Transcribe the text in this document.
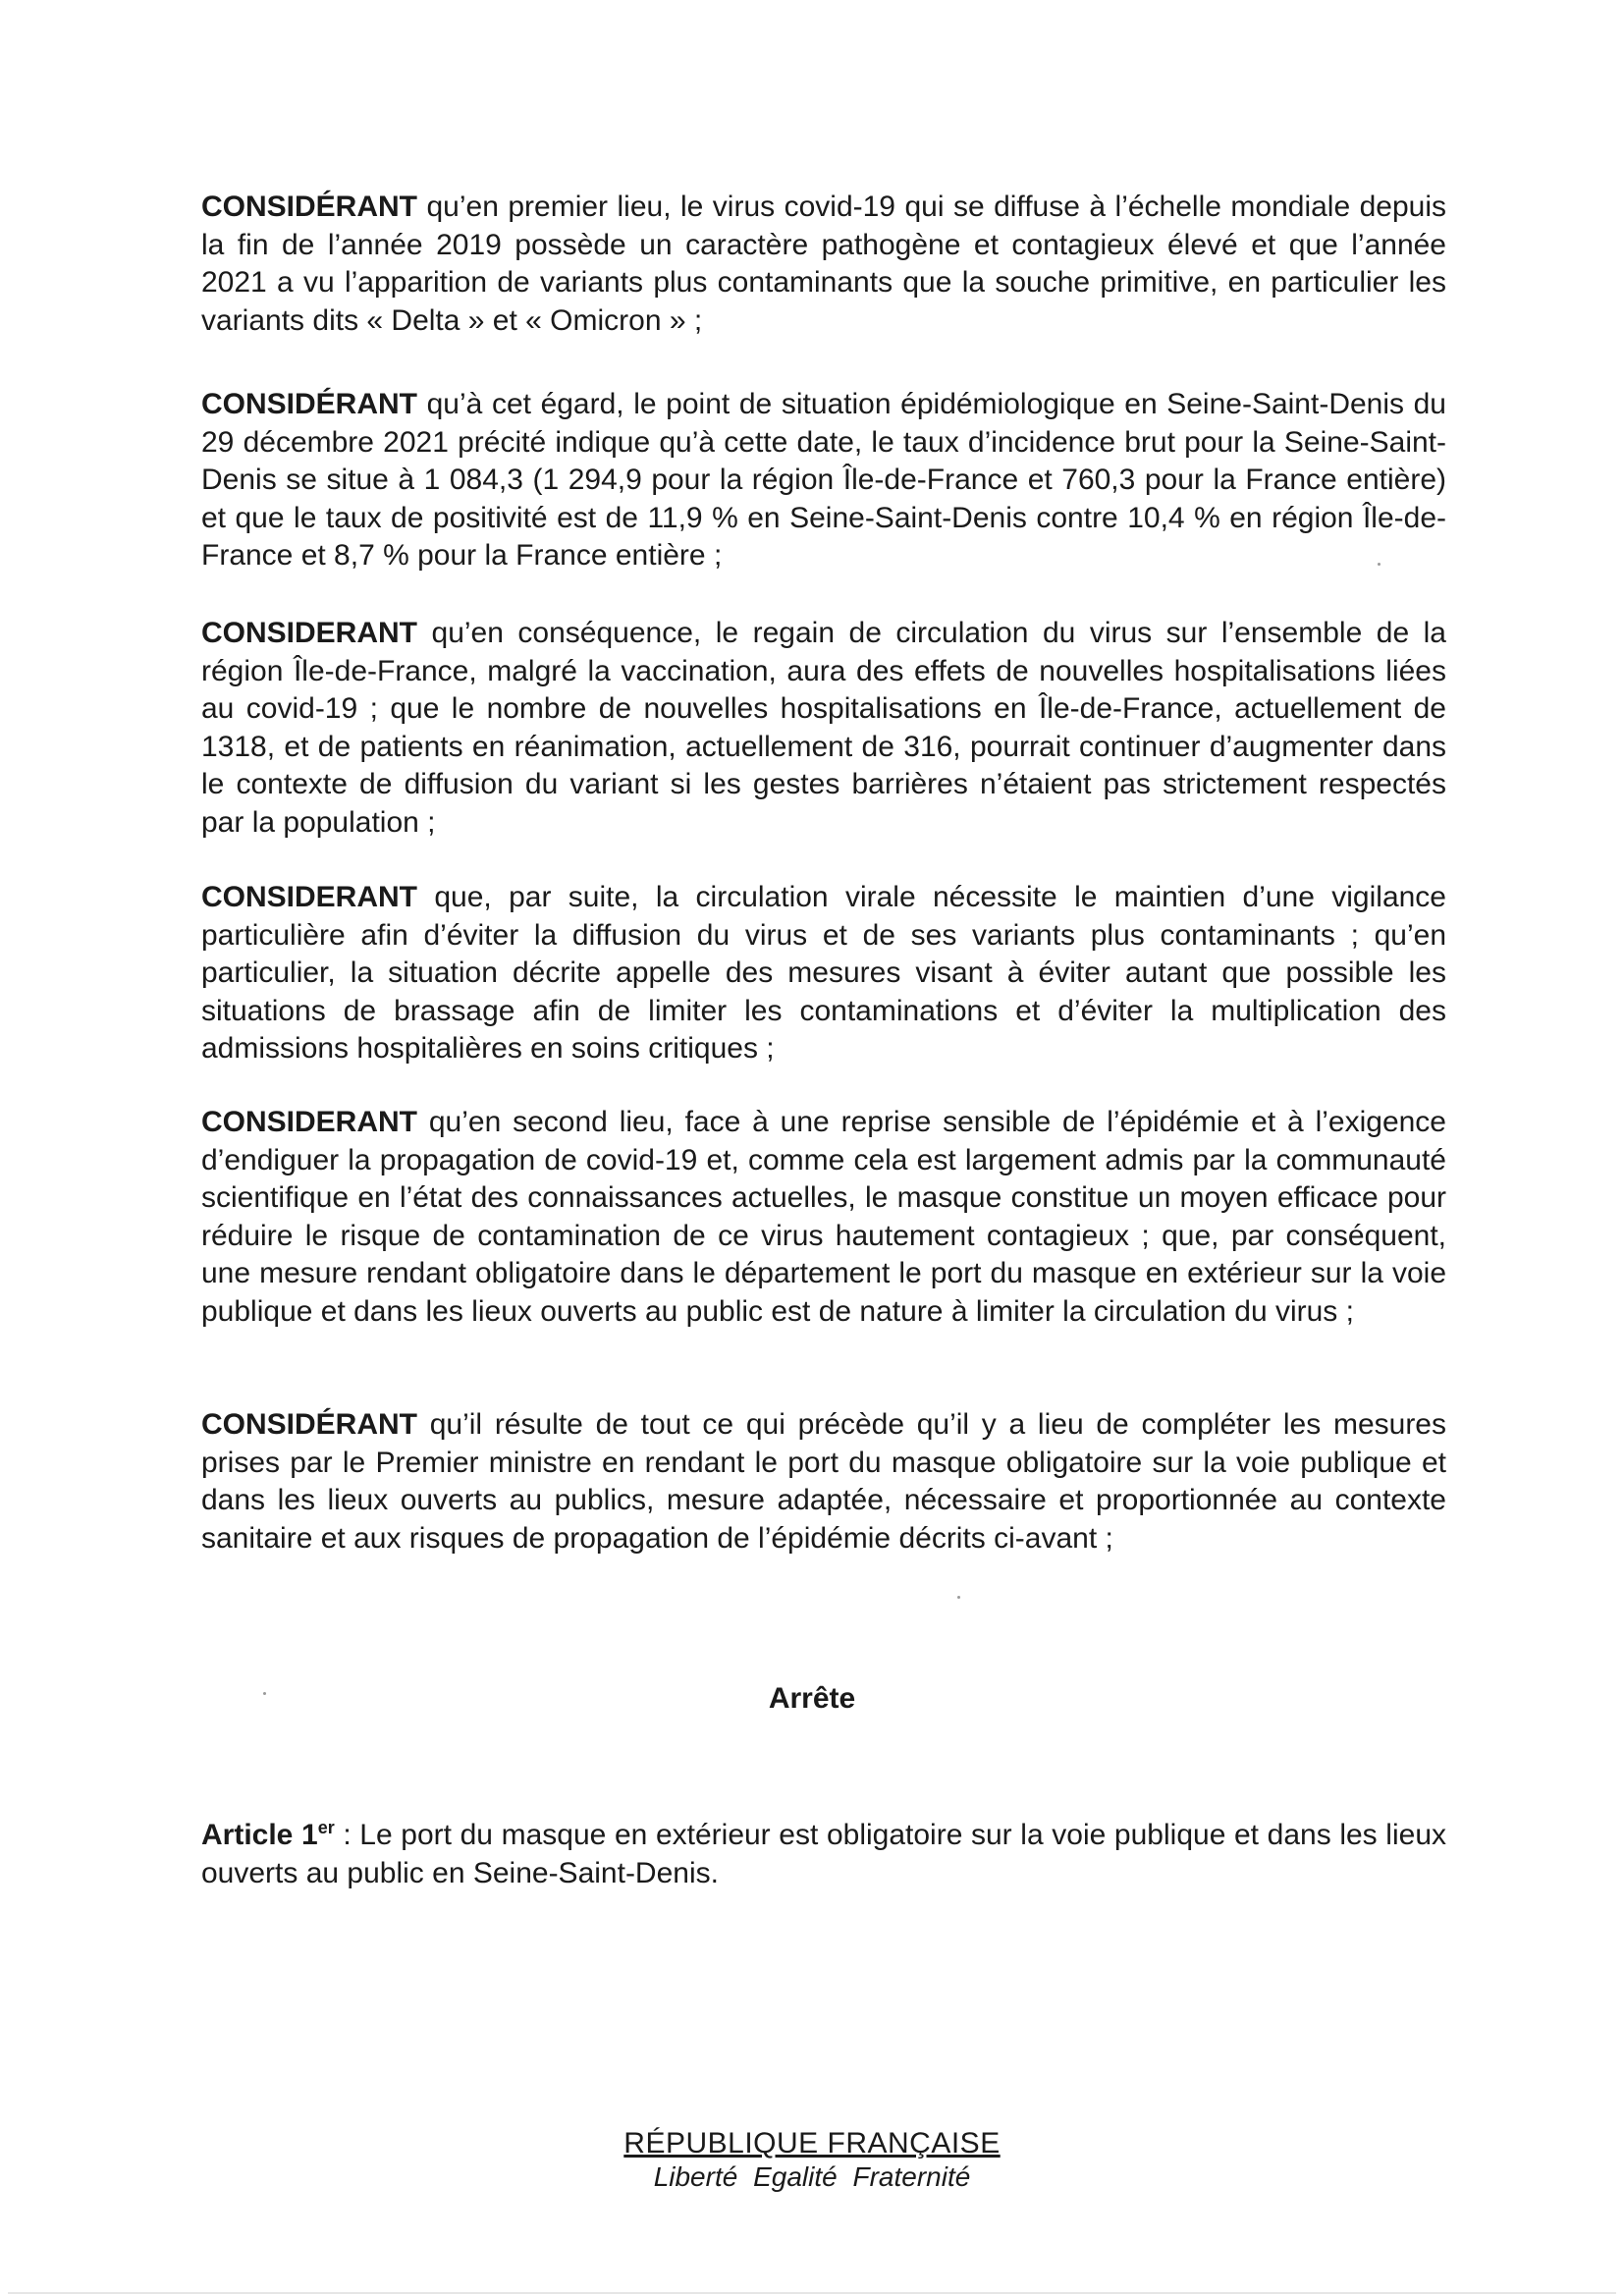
CONSIDÉRANT qu’en premier lieu, le virus covid-19 qui se diffuse à l’échelle mondiale depuis la fin de l’année 2019 possède un caractère pathogène et contagieux élevé et que l’année 2021 a vu l’apparition de variants plus contaminants que la souche primitive, en particulier les variants dits « Delta » et « Omicron » ;

CONSIDÉRANT qu’à cet égard, le point de situation épidémiologique en Seine-Saint-Denis du 29 décembre 2021 précité indique qu’à cette date, le taux d’incidence brut pour la Seine-Saint-Denis se situe à 1 084,3 (1 294,9 pour la région Île-de-France et 760,3 pour la France entière) et que le taux de positivité est de 11,9 % en Seine-Saint-Denis contre 10,4 % en région Île-de-France et 8,7 % pour la France entière ;

CONSIDERANT qu’en conséquence, le regain de circulation du virus sur l’ensemble de la région Île-de-France, malgré la vaccination, aura des effets de nouvelles hospitalisations liées au covid-19 ; que le nombre de nouvelles hospitalisations en Île-de-France, actuellement de 1318, et de patients en réanimation, actuellement de 316, pourrait continuer d’augmenter dans le contexte de diffusion du variant si les gestes barrières n’étaient pas strictement respectés par la population ;

CONSIDERANT que, par suite, la circulation virale nécessite le maintien d’une vigilance particulière afin d’éviter la diffusion du virus et de ses variants plus contaminants ; qu’en particulier, la situation décrite appelle des mesures visant à éviter autant que possible les situations de brassage afin de limiter les contaminations et d’éviter la multiplication des admissions hospitalières en soins critiques ;

CONSIDERANT qu’en second lieu, face à une reprise sensible de l’épidémie et à l’exigence d’endiguer la propagation de covid-19 et, comme cela est largement admis par la communauté scientifique en l’état des connaissances actuelles, le masque constitue un moyen efficace pour réduire le risque de contamination de ce virus hautement contagieux ; que, par conséquent, une mesure rendant obligatoire dans le département le port du masque en extérieur sur la voie publique et dans les lieux ouverts au public est de nature à limiter la circulation du virus ;

CONSIDÉRANT qu’il résulte de tout ce qui précède qu’il y a lieu de compléter les mesures prises par le Premier ministre en rendant le port du masque obligatoire sur la voie publique et dans les lieux ouverts au publics, mesure adaptée, nécessaire et proportionnée au contexte sanitaire et aux risques de propagation de l’épidémie décrits ci-avant ;

Arrête

Article 1er : Le port du masque en extérieur est obligatoire sur la voie publique et dans les lieux ouverts au public en Seine-Saint-Denis.

RÉPUBLIQUE FRANÇAISE
Liberté Egalité Fraternité
